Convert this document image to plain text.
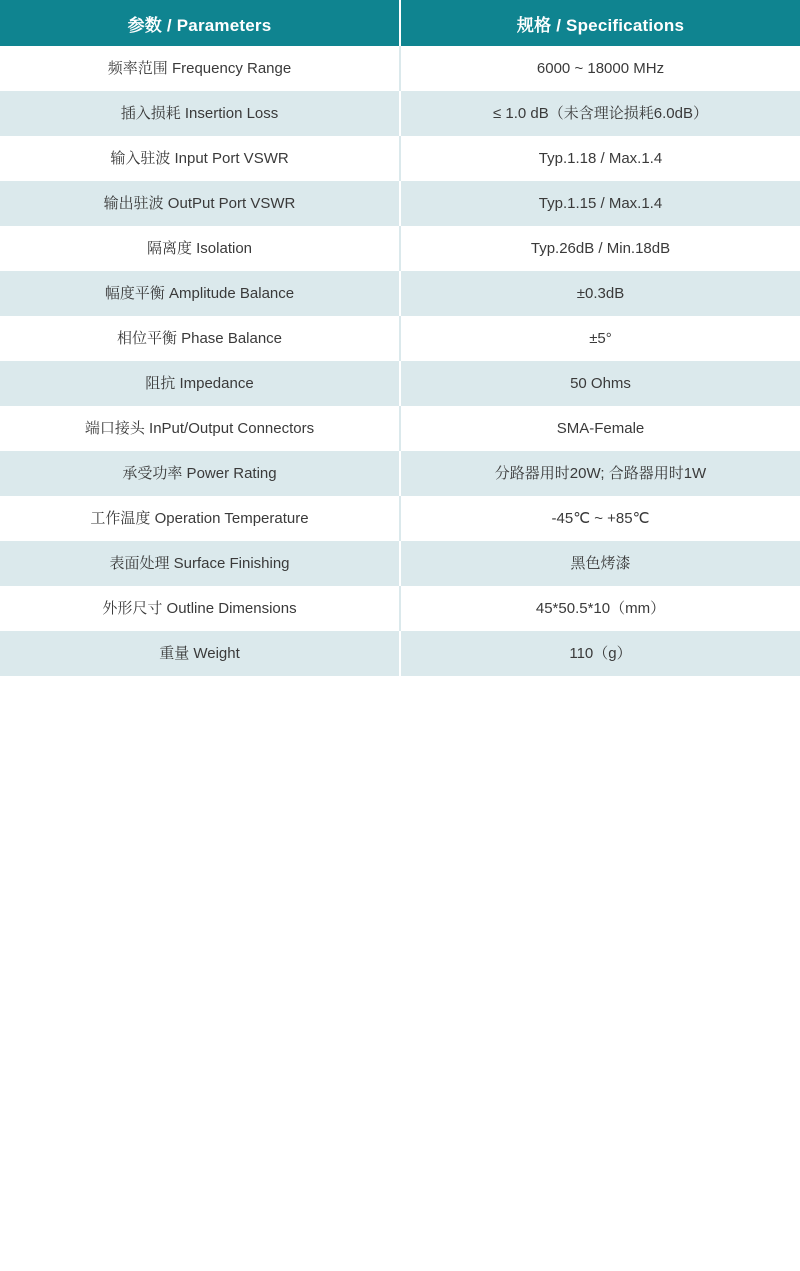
参数 / Parameters	规格 / Specifications
频率范围 Frequency Range	6000 ~ 18000 MHz
插入损耗 Insertion Loss	≤ 1.0 dB（未含理论损耗6.0dB）
输入驻波 Input Port VSWR	Typ.1.18 / Max.1.4
输出驻波 OutPut Port VSWR	Typ.1.15 / Max.1.4
隔离度 Isolation	Typ.26dB / Min.18dB
幅度平衡 Amplitude Balance	±0.3dB
相位平衡 Phase Balance	±5°
阻抗 Impedance	50 Ohms
端口接头 InPut/Output Connectors	SMA-Female
承受功率 Power Rating	分路器用时20W; 合路器用时1W
工作温度 Operation Temperature	-45℃ ~ +85℃
表面处理 Surface Finishing	黑色烤漆
外形尺寸 Outline Dimensions	45*50.5*10（mm）
重量 Weight	110（g）
